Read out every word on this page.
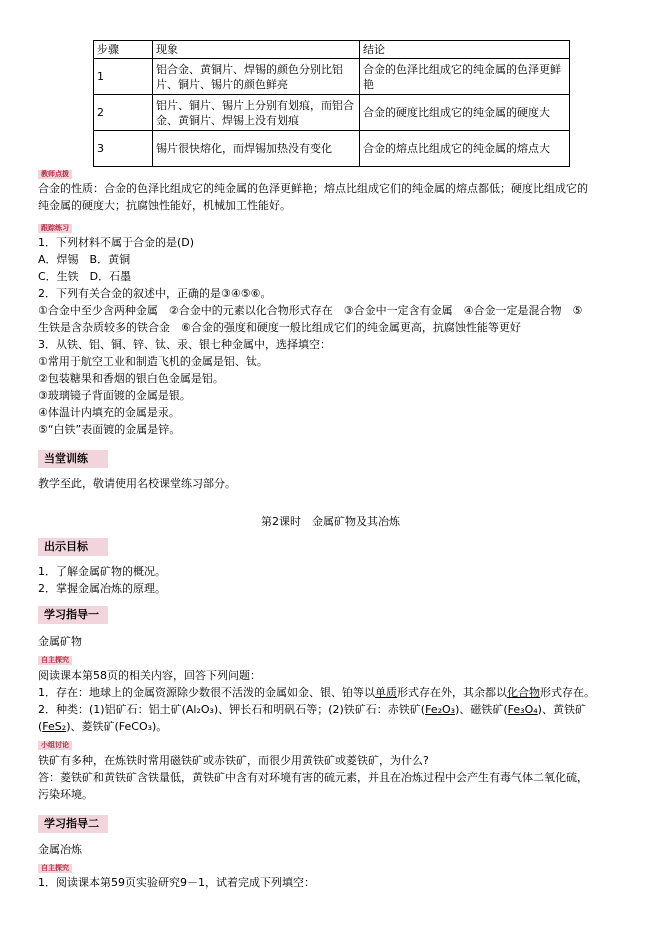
步骤	现象	结论
1	铝合金、黄铜片、焊锡的颜色分别比铝片、铜片、锡片的颜色鲜亮	合金的色泽比组成它的纯金属的色泽更鲜艳
2	铝片、铜片、锡片上分别有划痕，而铝合金、黄铜片、焊锡上没有划痕	合金的硬度比组成它的纯金属的硬度大
3	锡片很快熔化，而焊锡加热没有变化	合金的熔点比组成它的纯金属的熔点大
教师点拨
合金的性质：合金的色泽比组成它的纯金属的色泽更鲜艳；熔点比组成它们的纯金属的熔点都低；硬度比组成它的
纯金属的硬度大；抗腐蚀性能好，机械加工性能好。
跟踪练习
1．下列材料不属于合金的是(D)
A．焊锡　B．黄铜
C．生铁　D．石墨
2．下列有关合金的叙述中，正确的是③④⑤⑥。
①合金中至少含两种金属　②合金中的元素以化合物形式存在　③合金中一定含有金属　④合金一定是混合物　⑤
生铁是含杂质较多的铁合金　⑥合金的强度和硬度一般比组成它们的纯金属更高，抗腐蚀性能等更好
3．从铁、铝、铜、锌、钛、汞、银七种金属中，选择填空：
①常用于航空工业和制造飞机的金属是铝、钛。
②包装糖果和香烟的银白色金属是铝。
③玻璃镜子背面镀的金属是银。
④体温计内填充的金属是汞。
⑤“白铁”表面镀的金属是锌。
当堂训练
教学至此，敬请使用名校课堂练习部分。
第2课时　金属矿物及其冶炼
出示目标
1．了解金属矿物的概况。
2．掌握金属冶炼的原理。
学习指导一
金属矿物
自主探究
阅读课本第58页的相关内容，回答下列问题：
1．存在：地球上的金属资源除少数很不活泼的金属如金、银、铂等以单质形式存在外，其余都以化合物形式存在。
2．种类：(1)铝矿石：铝土矿(Al₂O₃)、钾长石和明矾石等；(2)铁矿石：赤铁矿(Fe₂O₃)、磁铁矿(Fe₃O₄)、黄铁矿
(FeS₂)、菱铁矿(FeCO₃)。
小组讨论
铁矿有多种，在炼铁时常用磁铁矿或赤铁矿，而很少用黄铁矿或菱铁矿，为什么?
答：菱铁矿和黄铁矿含铁量低，黄铁矿中含有对环境有害的硫元素，并且在冶炼过程中会产生有毒气体二氧化硫，
污染环境。
学习指导二
金属冶炼
自主探究
1．阅读课本第59页实验研究9－1，试着完成下列填空：
